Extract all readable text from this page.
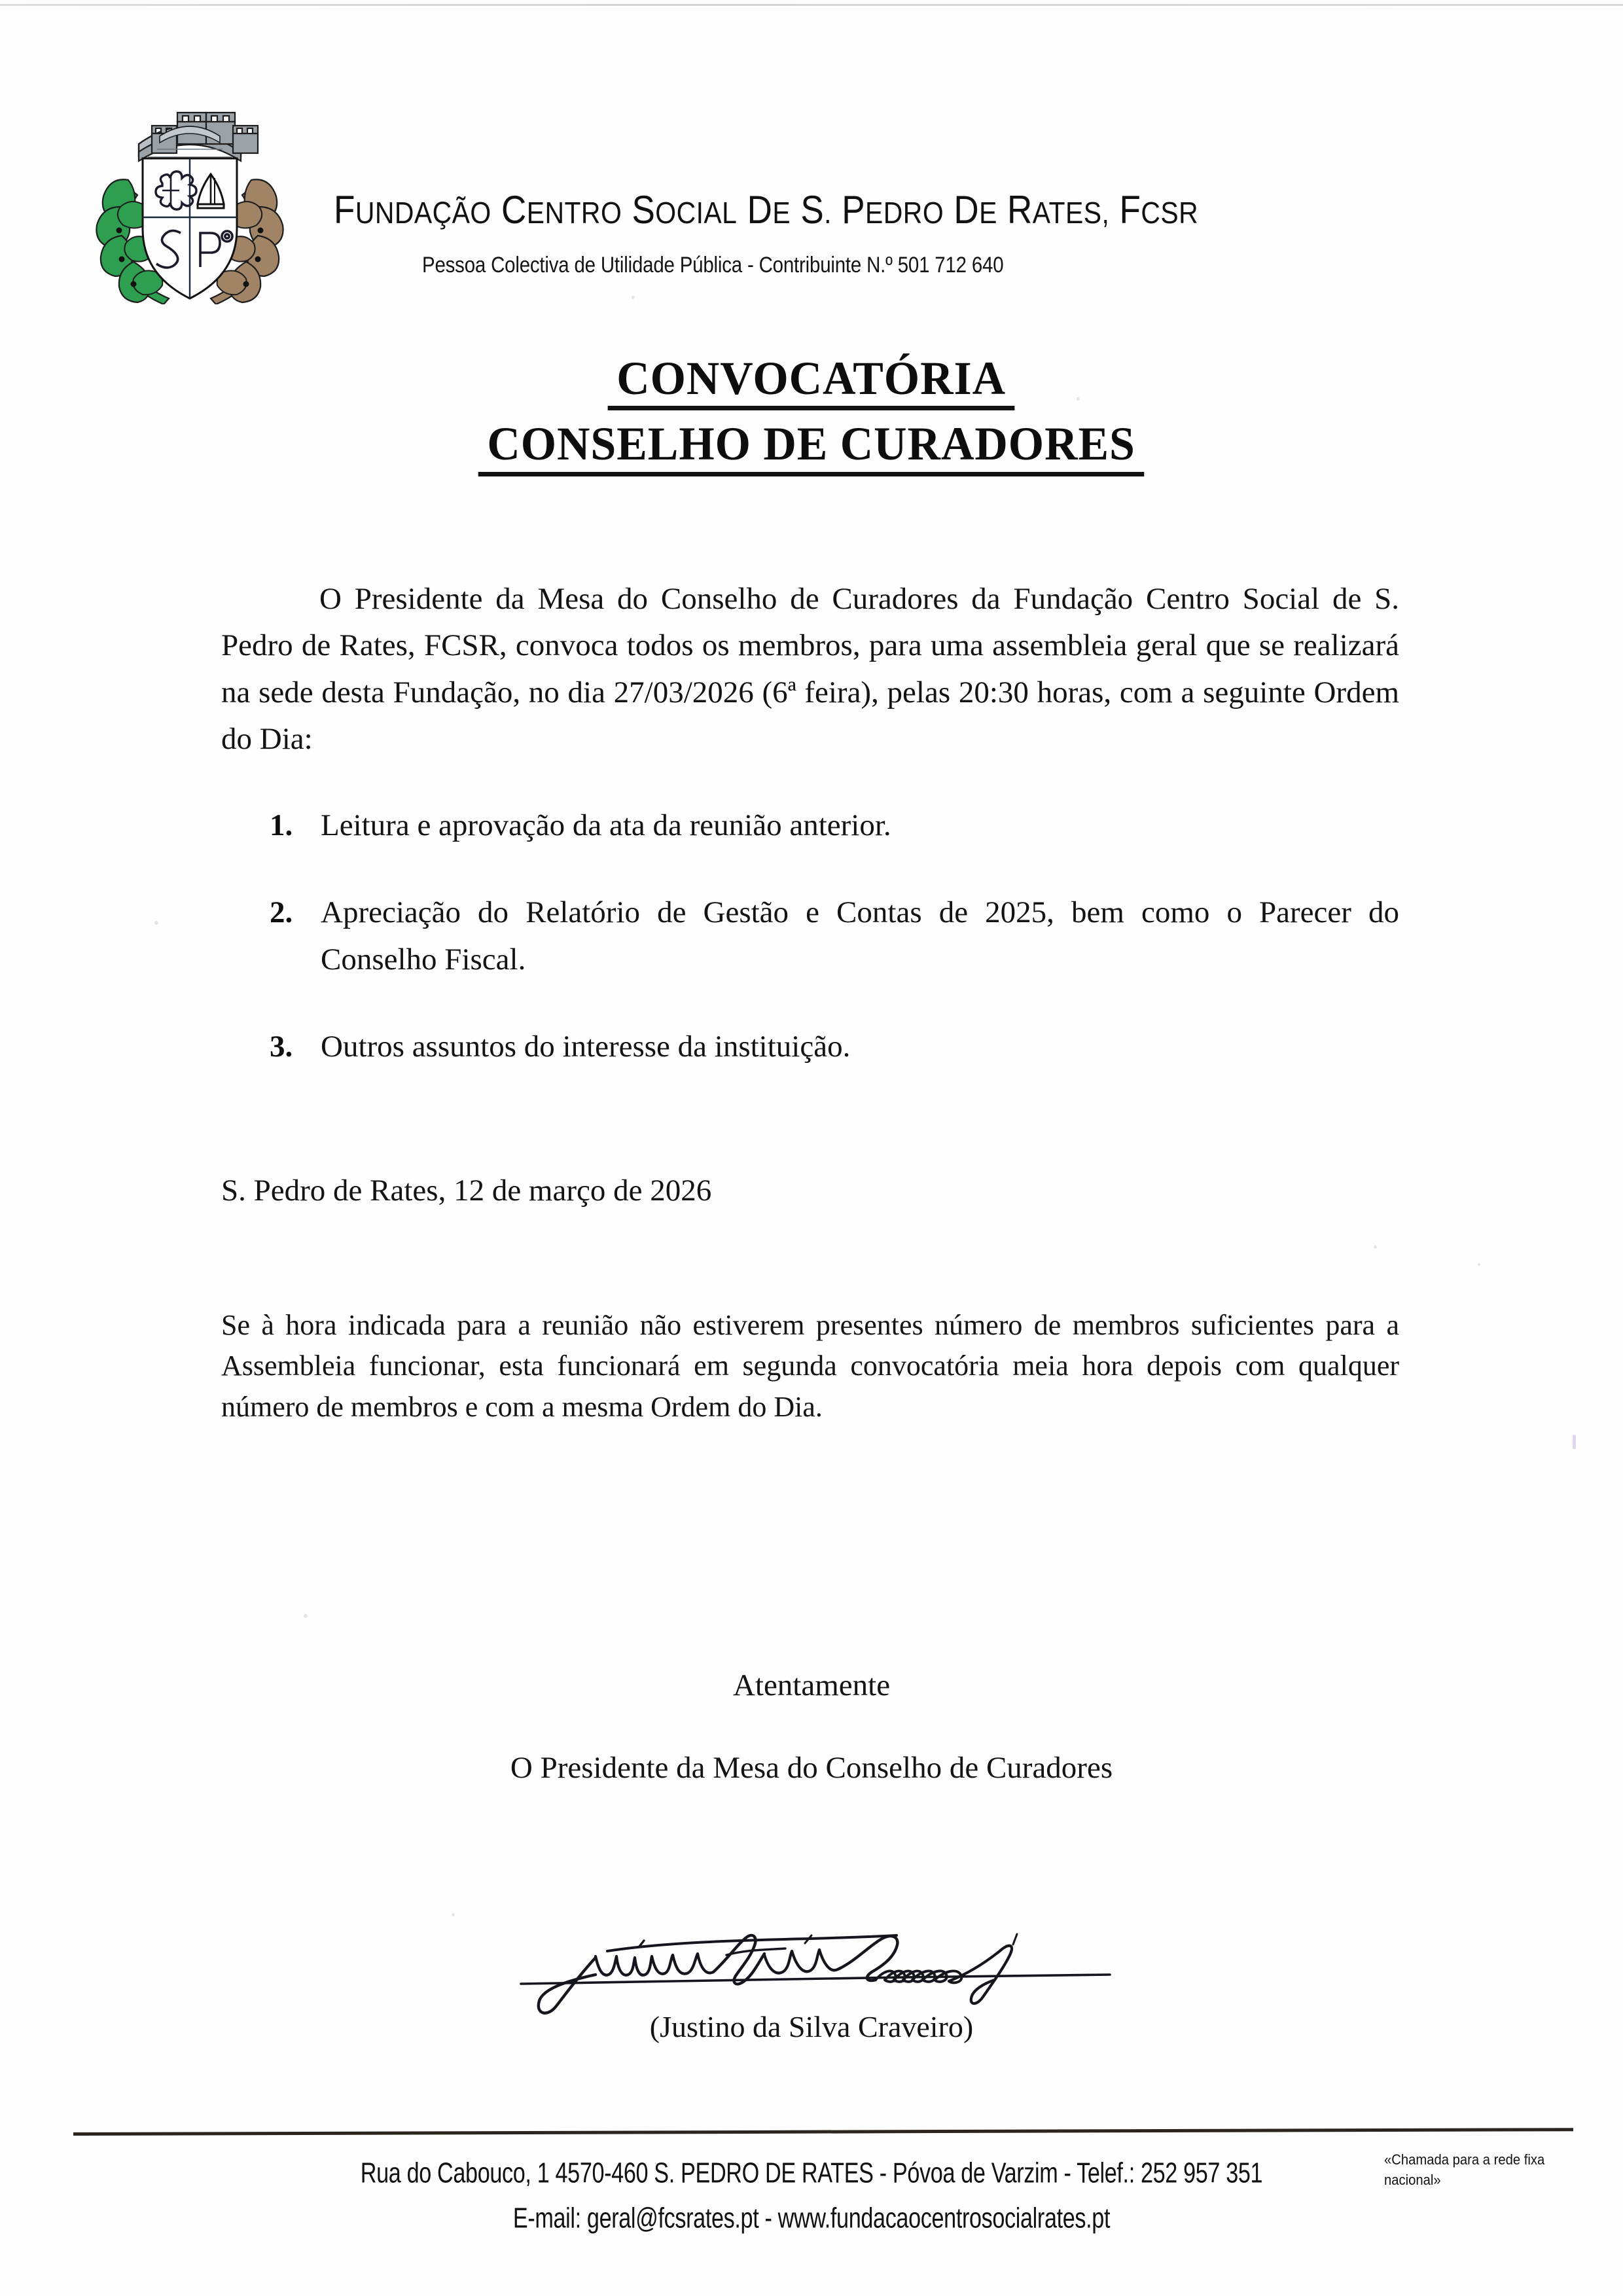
FUNDAÇÃO CENTRO SOCIAL DE S. PEDRO DE RATES, FCSR
Pessoa Colectiva de Utilidade Pública - Contribuinte N.º 501 712 640
CONVOCATÓRIA
CONSELHO DE CURADORES

O Presidente da Mesa do Conselho de Curadores da Fundação Centro Social de S. Pedro de Rates, FCSR, convoca todos os membros, para uma assembleia geral que se realizará na sede desta Fundação, no dia 27/03/2026 (6ª feira), pelas 20:30 horas, com a seguinte Ordem do Dia:

Leitura e aprovação da ata da reunião anterior.
Apreciação do Relatório de Gestão e Contas de 2025, bem como o Parecer do Conselho Fiscal.
Outros assuntos do interesse da instituição.

S. Pedro de Rates, 12 de março de 2026

Se à hora indicada para a reunião não estiverem presentes número de membros suficientes para a Assembleia funcionar, esta funcionará em segunda convocatória meia hora depois com qualquer número de membros e com a mesma Ordem do Dia.

Atentamente
O Presidente da Mesa do Conselho de Curadores
(Justino da Silva Craveiro)
Rua do Cabouco, 1 4570-460 S. PEDRO DE RATES - Póvoa de Varzim - Telef.: 252 957 351
E-mail: geral@fcsrates.pt - www.fundacaocentrosocialrates.pt
«Chamada para a rede fixa nacional»
